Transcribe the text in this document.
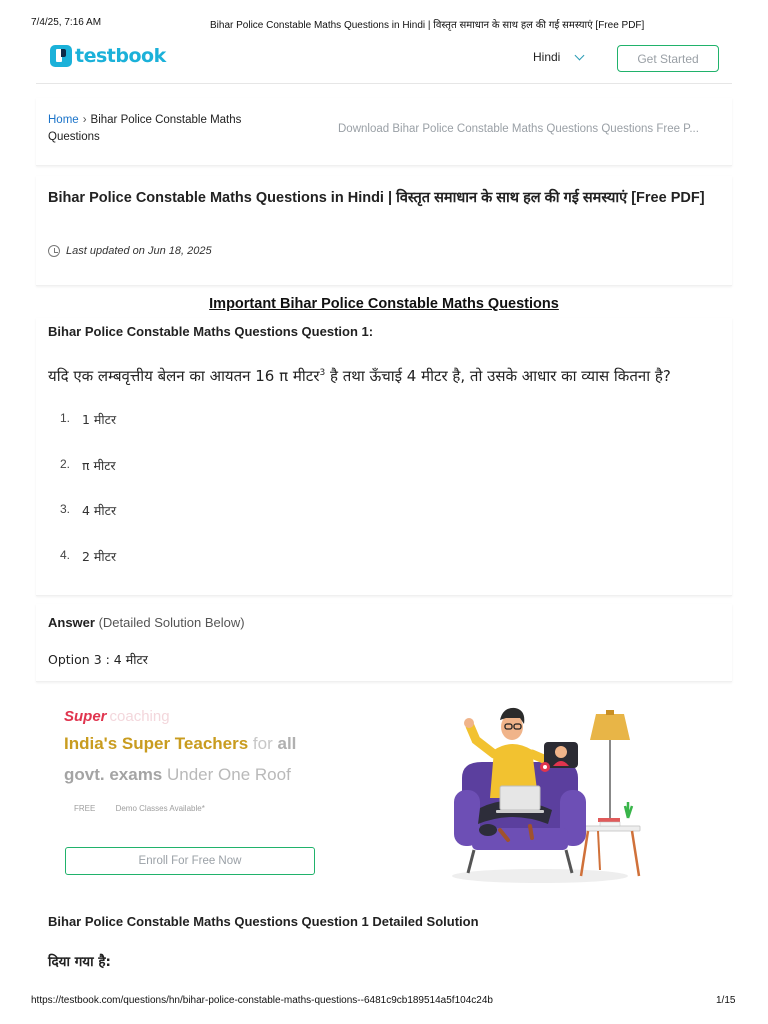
7/4/25, 7:16 AM	Bihar Police Constable Maths Questions in Hindi | विस्तृत समाधान के साथ हल की गई समस्याएं [Free PDF]
testbook	Hindi	Get Started
Home › Bihar Police Constable Maths Questions
Download Bihar Police Constable Maths Questions Questions Free P...
Bihar Police Constable Maths Questions in Hindi | विस्तृत समाधान के साथ हल की गई समस्याएं [Free PDF]
Last updated on Jun 18, 2025
Important Bihar Police Constable Maths Questions
Bihar Police Constable Maths Questions Question 1:
यदि एक लम्बवृत्तीय बेलन का आयतन 16 π मीटर$^3$ है तथा ऊँचाई 4 मीटर है, तो उसके आधार का व्यास कितना है?
1. 1 मीटर
2. π मीटर
3. 4 मीटर
4. 2 मीटर
Answer (Detailed Solution Below)
Option 3 : 4 मीटर
Super coaching
India's Super Teachers for all
govt. exams Under One Roof
FREE	Demo Classes Available*
Enroll For Free Now
Bihar Police Constable Maths Questions Question 1 Detailed Solution
दिया गया है:
https://testbook.com/questions/hn/bihar-police-constable-maths-questions--6481c9cb189514a5f104c24b	1/15
